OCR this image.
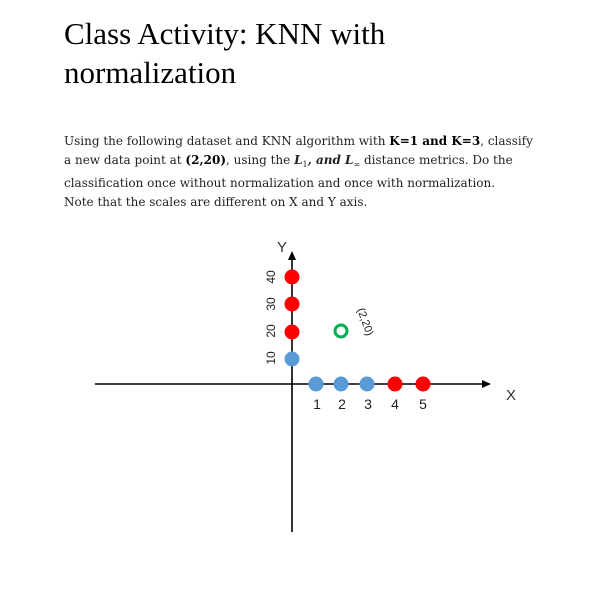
Class Activity: KNN with
normalization
Using the following dataset and KNN algorithm with K=1 and K=3, classify
a new data point at (2,20), using the $L_1$, and $L_\infty$ distance metrics. Do the
classification once without normalization and once with normalization.
Note that the scales are different on X and Y axis.
X
Y
1 2 3 4 5
10
20
30
40
(2,20)
